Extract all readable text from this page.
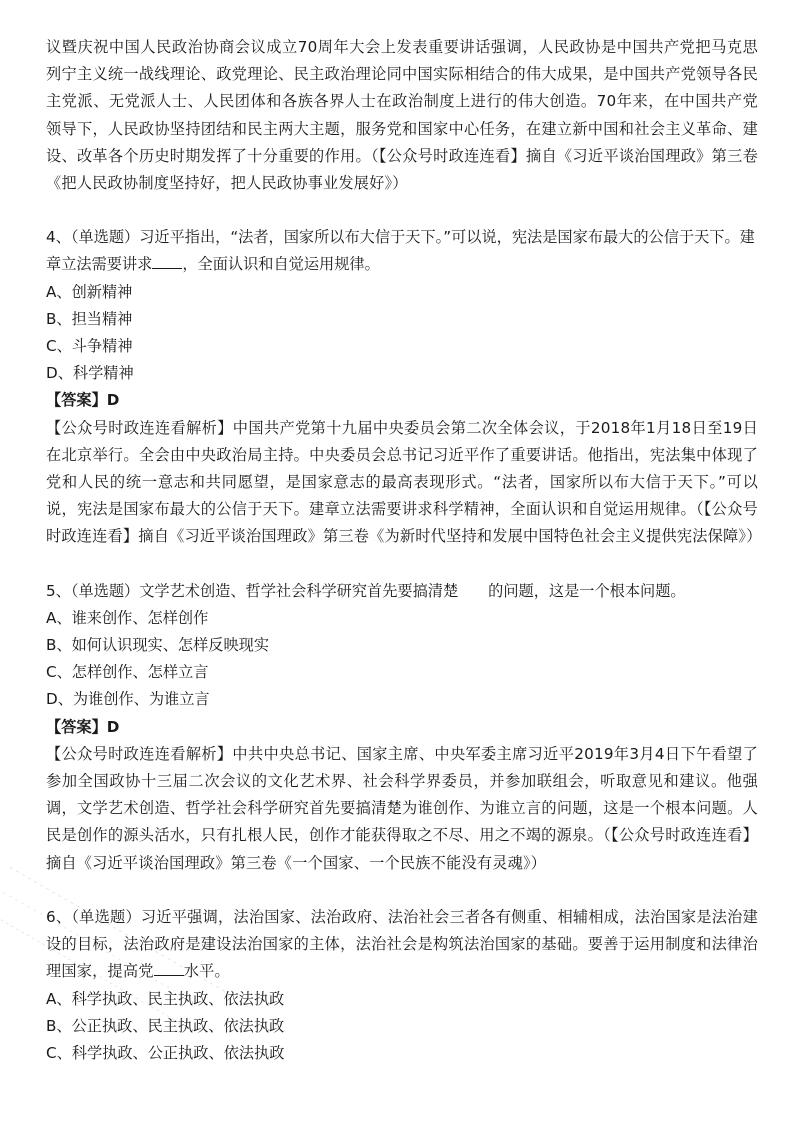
议暨庆祝中国人民政治协商会议成立70周年大会上发表重要讲话强调，人民政协是中国共产党把马克思列宁主义统一战线理论、政党理论、民主政治理论同中国实际相结合的伟大成果，是中国共产党领导各民主党派、无党派人士、人民团体和各族各界人士在政治制度上进行的伟大创造。70年来，在中国共产党领导下，人民政协坚持团结和民主两大主题，服务党和国家中心任务，在建立新中国和社会主义革命、建设、改革各个历史时期发挥了十分重要的作用。（【公众号时政连连看】摘自《习近平谈治国理政》第三卷《把人民政协制度坚持好，把人民政协事业发展好》）

4、（单选题）习近平指出，“法者，国家所以布大信于天下。”可以说，宪法是国家布最大的公信于天下。建章立法需要讲求 ，全面认识和自觉运用规律。

A、创新精神

B、担当精神

C、斗争精神

D、科学精神

【答案】D

【公众号时政连连看解析】中国共产党第十九届中央委员会第二次全体会议，于2018年1月18日至19日在北京举行。全会由中央政治局主持。中央委员会总书记习近平作了重要讲话。他指出，宪法集中体现了党和人民的统一意志和共同愿望，是国家意志的最高表现形式。“法者，国家所以布大信于天下。”可以说，宪法是国家布最大的公信于天下。建章立法需要讲求科学精神，全面认识和自觉运用规律。（【公众号时政连连看】摘自《习近平谈治国理政》第三卷《为新时代坚持和发展中国特色社会主义提供宪法保障》）

5、（单选题）文学艺术创造、哲学社会科学研究首先要搞清楚 的问题，这是一个根本问题。

A、谁来创作、怎样创作

B、如何认识现实、怎样反映现实

C、怎样创作、怎样立言

D、为谁创作、为谁立言

【答案】D

【公众号时政连连看解析】中共中央总书记、国家主席、中央军委主席习近平2019年3月4日下午看望了参加全国政协十三届二次会议的文化艺术界、社会科学界委员，并参加联组会，听取意见和建议。他强调，文学艺术创造、哲学社会科学研究首先要搞清楚为谁创作、为谁立言的问题，这是一个根本问题。人民是创作的源头活水，只有扎根人民，创作才能获得取之不尽、用之不竭的源泉。（【公众号时政连连看】摘自《习近平谈治国理政》第三卷《一个国家、一个民族不能没有灵魂》）

6、（单选题）习近平强调，法治国家、法治政府、法治社会三者各有侧重、相辅相成，法治国家是法治建设的目标，法治政府是建设法治国家的主体，法治社会是构筑法治国家的基础。要善于运用制度和法律治理国家，提高党 水平。

A、科学执政、民主执政、依法执政

B、公正执政、民主执政、依法执政

C、科学执政、公正执政、依法执政
